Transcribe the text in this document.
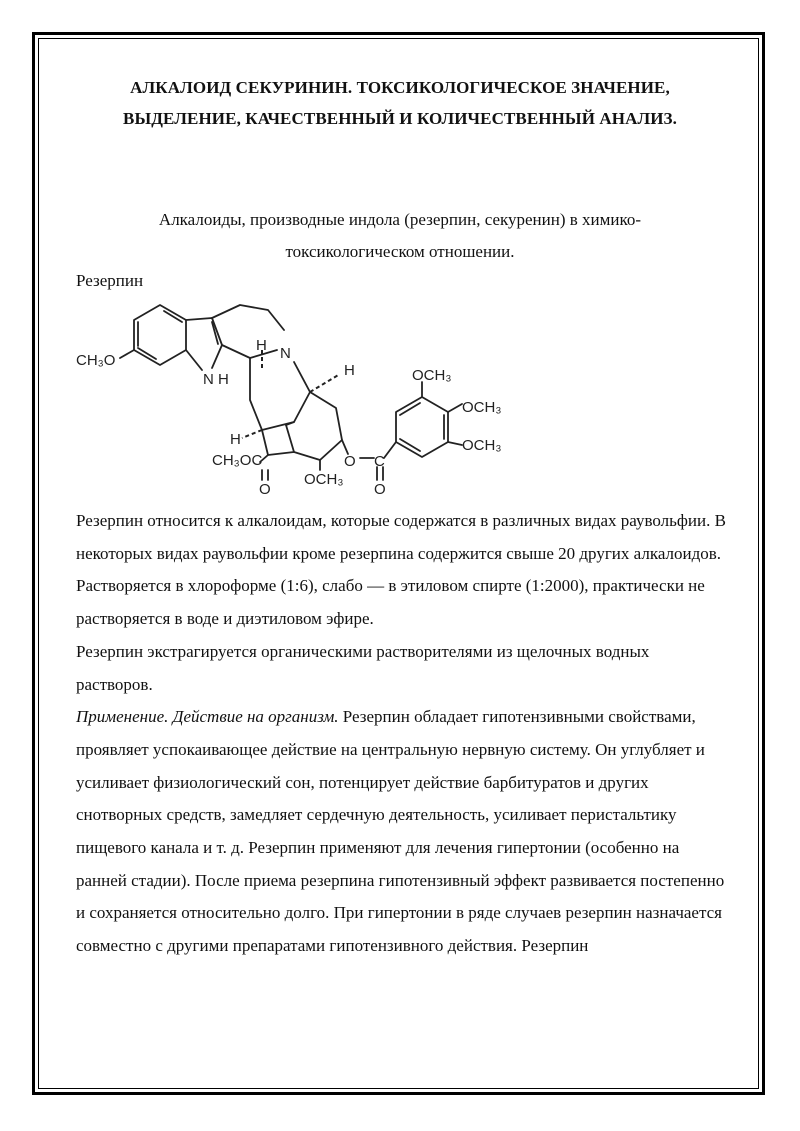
АЛКАЛОИД СЕКУРИНИН. ТОКСИКОЛОГИЧЕСКОЕ ЗНАЧЕНИЕ,
ВЫДЕЛЕНИЕ, КАЧЕСТВЕННЫЙ И КОЛИЧЕСТВЕННЫЙ АНАЛИЗ.
Алкалоиды, производные индола (резерпин, секуренин) в химико-
токсикологическом отношении.
Резерпин
CH₃O
N H
N
H
H
H
CH₃OC
O
OCH₃
O C
O
OCH₃
OCH₃
OCH₃

Резерпин относится к алкалоидам, которые содержатся в различных видах раувольфии. В некоторых видах раувольфии кроме резерпина содержится свыше 20 других алкалоидов. Растворяется в хлороформе (1:6), слабо — в этиловом спирте (1:2000), практически не растворяется в воде и диэтиловом эфире.

Резерпин экстрагируется органическими растворителями из щелочных водных растворов.

Применение. Действие на организм. Резерпин обладает гипотензивными свойствами, проявляет успокаивающее действие на центральную нервную систему. Он углубляет и усиливает физиологический сон, потенцирует действие барбитуратов и других снотворных средств, замедляет сердечную деятельность, усиливает перистальтику пищевого канала и т. д. Резерпин применяют для лечения гипертонии (особенно на ранней стадии). После приема резерпина гипотензивный эффект развивается постепенно и сохраняется относительно долго. При гипертонии в ряде случаев резерпин назначается совместно с другими препаратами гипотензивного действия. Резерпин
